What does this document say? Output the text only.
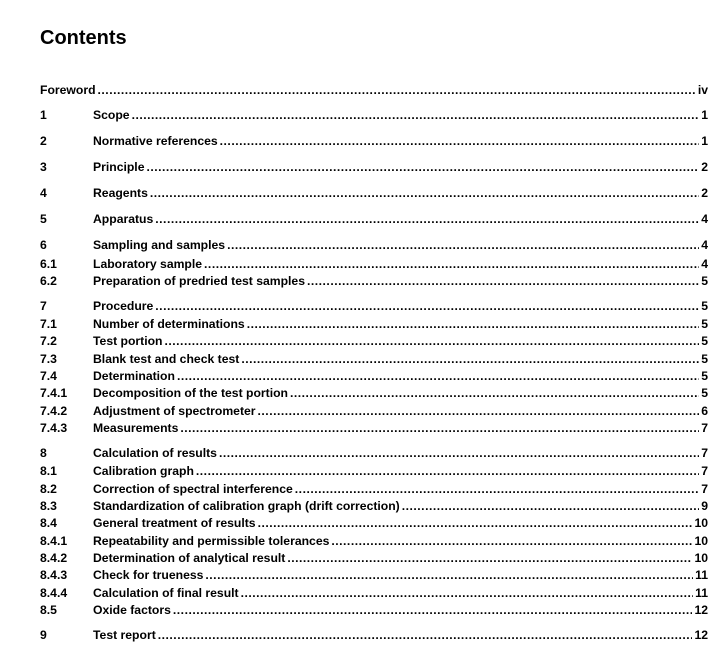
Contents
Foreword .....	iv
1	Scope .....	1
2	Normative references .....	1
3	Principle .....	2
4	Reagents .....	2
5	Apparatus .....	4
6	Sampling and samples .....	4
6.1	Laboratory sample .....	4
6.2	Preparation of predried test samples .....	5
7	Procedure .....	5
7.1	Number of determinations .....	5
7.2	Test portion .....	5
7.3	Blank test and check test .....	5
7.4	Determination .....	5
7.4.1	Decomposition of the test portion .....	5
7.4.2	Adjustment of spectrometer .....	6
7.4.3	Measurements .....	7
8	Calculation of results .....	7
8.1	Calibration graph .....	7
8.2	Correction of spectral interference .....	7
8.3	Standardization of calibration graph (drift correction) .....	9
8.4	General treatment of results .....	10
8.4.1	Repeatability and permissible tolerances .....	10
8.4.2	Determination of analytical result .....	10
8.4.3	Check for trueness .....	11
8.4.4	Calculation of final result .....	11
8.5	Oxide factors .....	12
9	Test report .....	12
